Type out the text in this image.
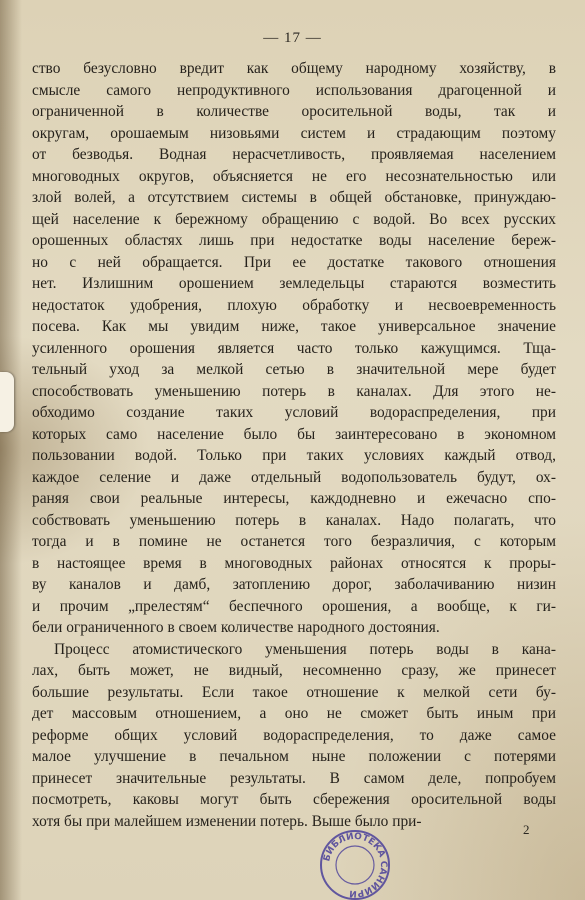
— 17 —
ство безусловно вредит как общему народному хозяйству, в
смысле самого непродуктивного использования драгоценной и
ограниченной в количестве оросительной воды, так и
округам, орошаемым низовьями систем и страдающим поэтому
от безводья. Водная нерасчетливость, проявляемая населением
многоводных округов, объясняется не его несознательностью или
злой волей, а отсутствием системы в общей обстановке, принуждаю-
щей население к бережному обращению с водой. Во всех русских
орошенных областях лишь при недостатке воды население береж-
но с ней обращается. При ее достатке такового отношения
нет. Излишним орошением земледельцы стараются возместить
недостаток удобрения, плохую обработку и несвоевременность
посева. Как мы увидим ниже, такое универсальное значение
усиленного орошения является часто только кажущимся. Тща-
тельный уход за мелкой сетью в значительной мере будет
способствовать уменьшению потерь в каналах. Для этого не-
обходимо создание таких условий водораспределения, при
которых само население было бы заинтересовано в экономном
пользовании водой. Только при таких условиях каждый отвод,
каждое селение и даже отдельный водопользователь будут, ох-
раняя свои реальные интересы, каждодневно и ежечасно спо-
собствовать уменьшению потерь в каналах. Надо полагать, что
тогда и в помине не останется того безразличия, с которым
в настоящее время в многоводных районах относятся к проры-
ву каналов и дамб, затоплению дорог, заболачиванию низин
и прочим „прелестям“ беспечного орошения, а вообще, к ги-
бели ограниченного в своем количестве народного достояния.
Процесс атомистического уменьшения потерь воды в кана-
лах, быть может, не видный, несомненно сразу, же принесет
большие результаты. Если такое отношение к мелкой сети бу-
дет массовым отношением, а оно не сможет быть иным при
реформе общих условий водораспределения, то даже самое
малое улучшение в печальном ныне положении с потерями
принесет значительные результаты. В самом деле, попробуем
посмотреть, каковы могут быть сбережения оросительной воды
хотя бы при малейшем изменении потерь. Выше было при-	2
БИБЛИОТЕКА САНИИРИ
